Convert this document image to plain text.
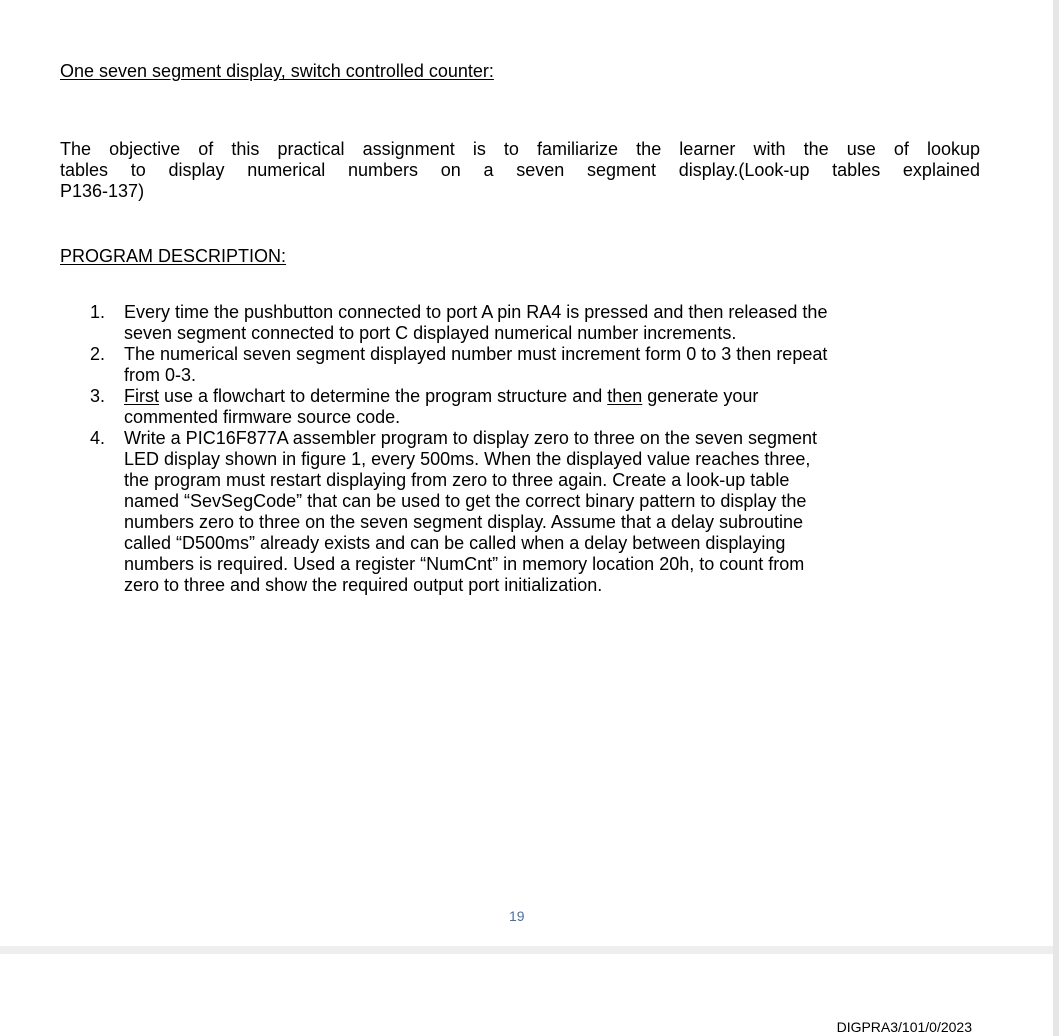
One seven segment display, switch controlled counter:

The objective of this practical assignment is to familiarize the learner with the use of lookup
tables to display numerical numbers on a seven segment display.(Look-up tables explained
P136-137)

PROGRAM DESCRIPTION:
1. Every time the pushbutton connected to port A pin RA4 is pressed and then released the
seven segment connected to port C displayed numerical number increments.
2. The numerical seven segment displayed number must increment form 0 to 3 then repeat
from 0-3.
3. First use a flowchart to determine the program structure and then generate your
commented firmware source code.
4. Write a PIC16F877A assembler program to display zero to three on the seven segment
LED display shown in figure 1, every 500ms. When the displayed value reaches three,
the program must restart displaying from zero to three again. Create a look-up table
named “SevSegCode” that can be used to get the correct binary pattern to display the
numbers zero to three on the seven segment display. Assume that a delay subroutine
called “D500ms” already exists and can be called when a delay between displaying
numbers is required. Used a register “NumCnt” in memory location 20h, to count from
zero to three and show the required output port initialization.
19
DIGPRA3/101/0/2023
